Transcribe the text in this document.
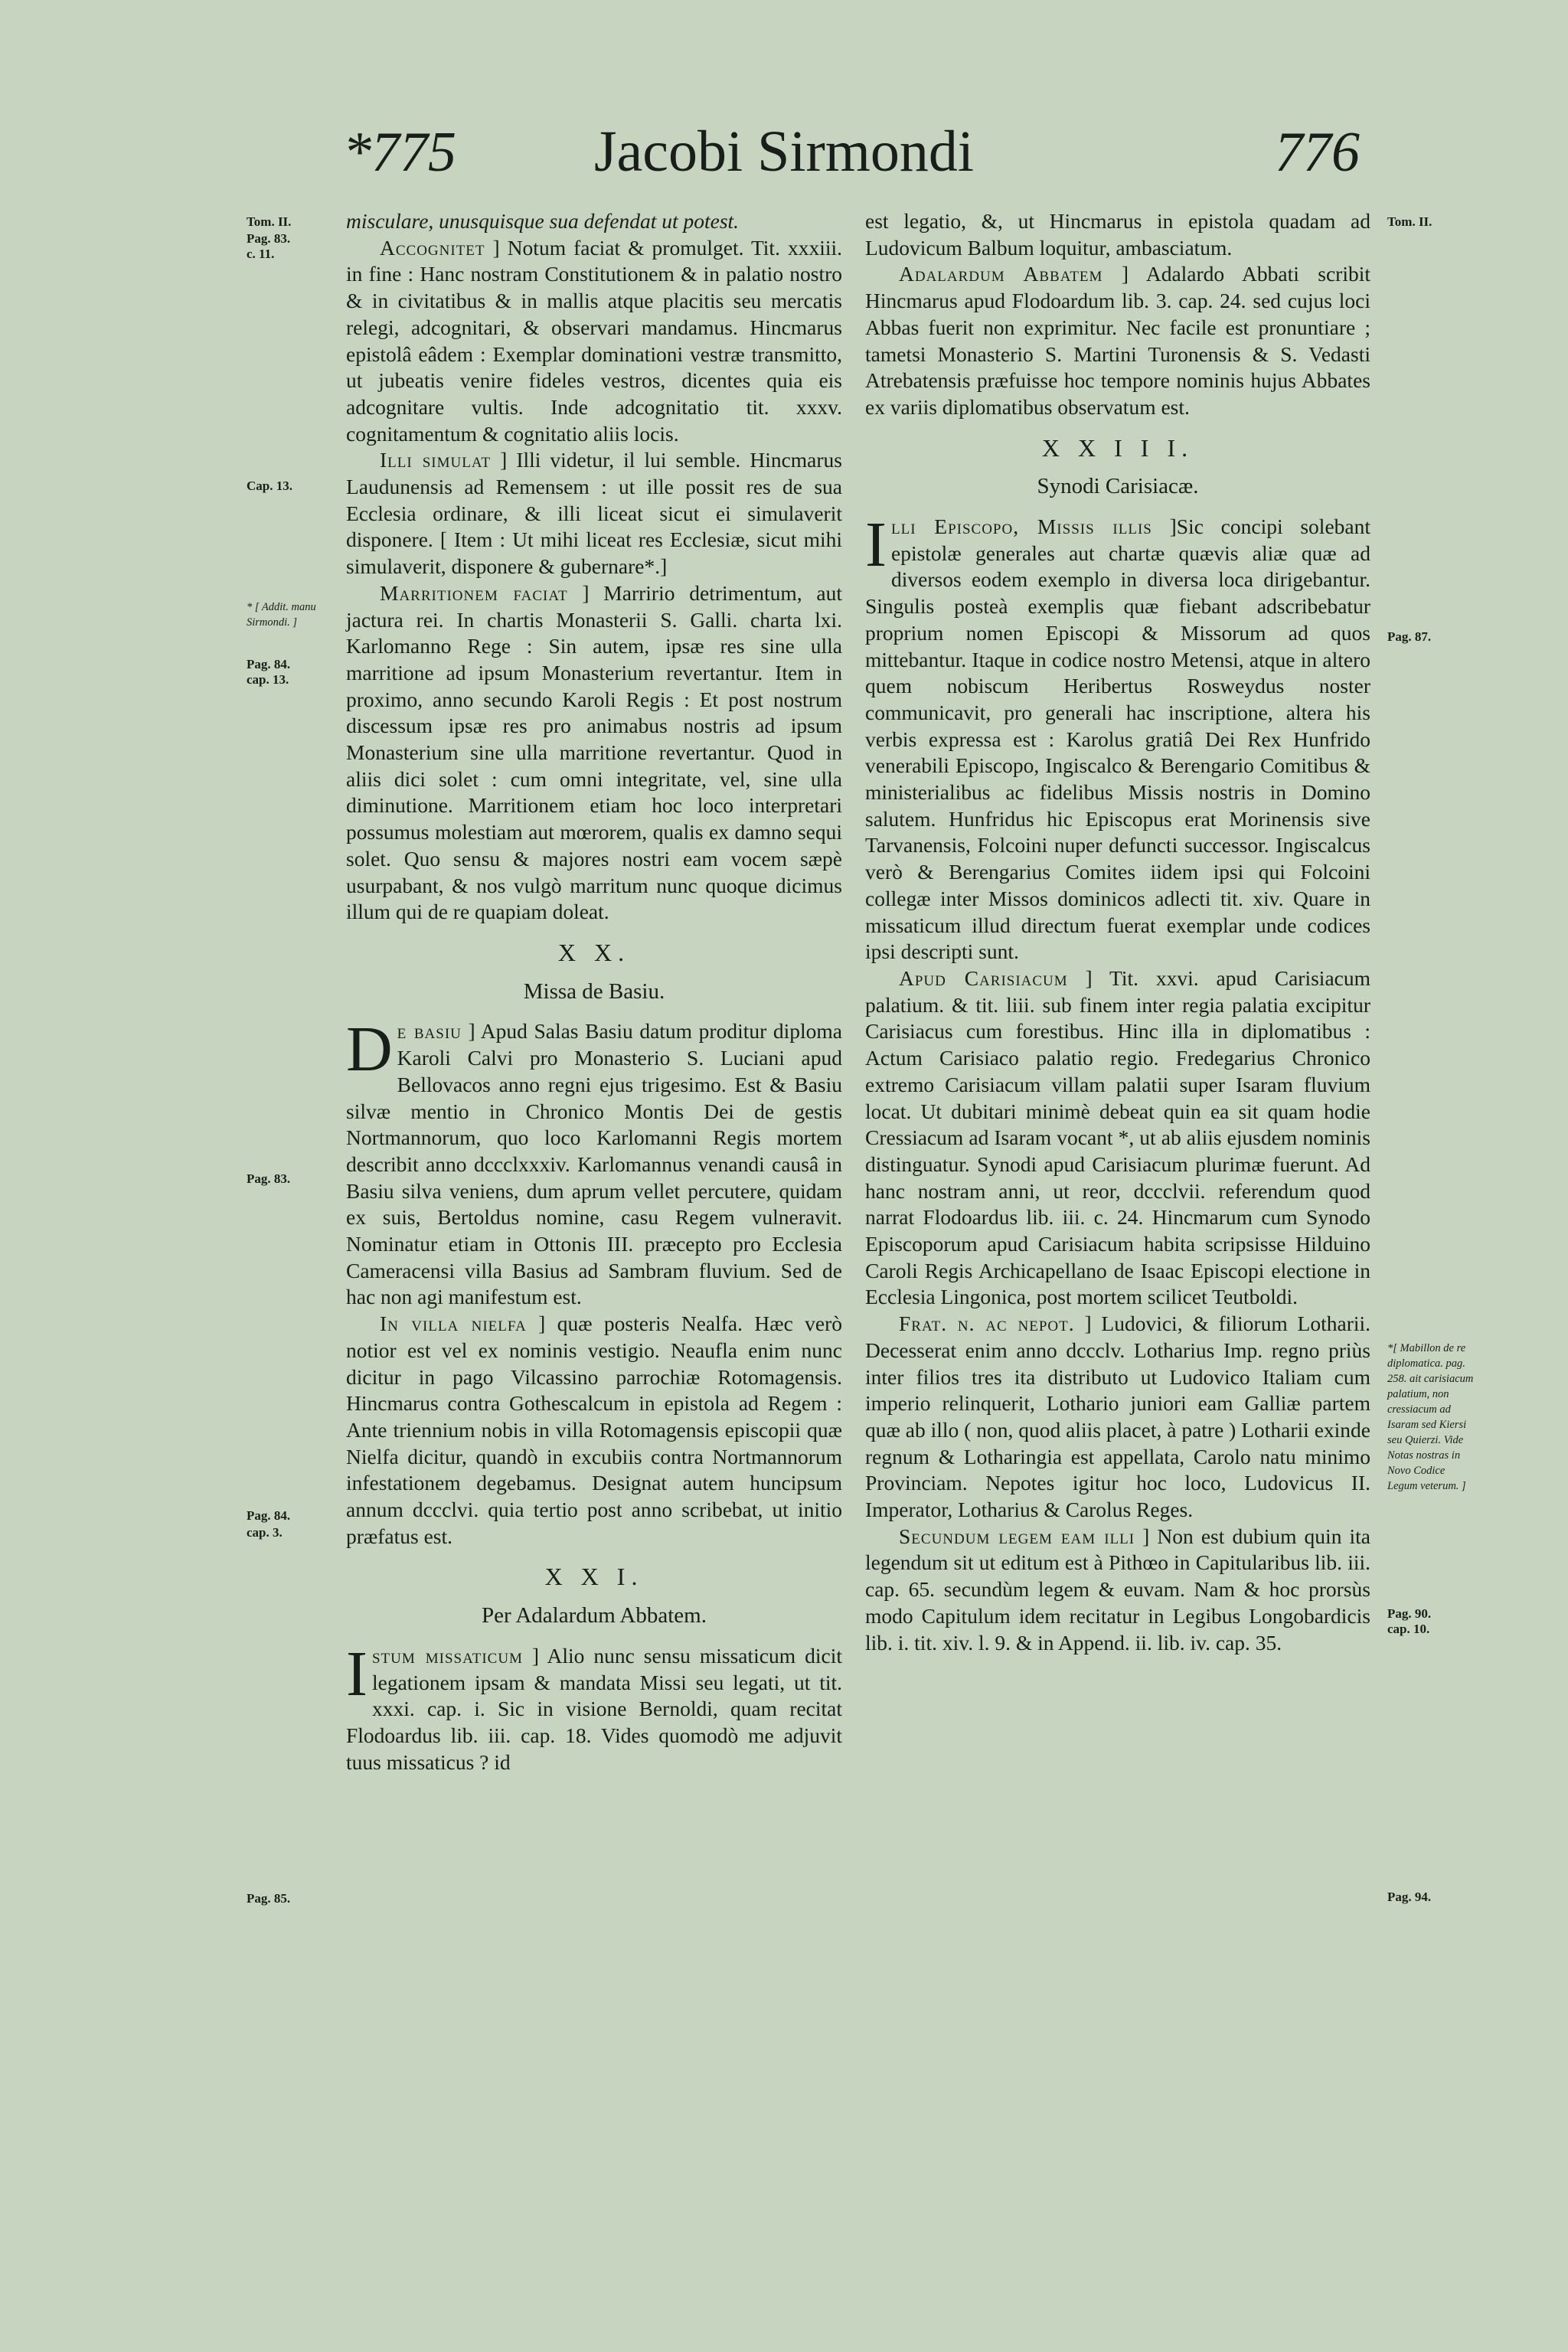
*775	Jacobi Sirmondi	776
Tom. II.
Pag. 83.
c. 11.
Cap. 13.
* [ Addit. manu Sirmondi. ]
Pag. 84.
cap. 13.
Pag. 83.
Pag. 84.
cap. 3.
Pag. 85.
Tom. II.
Pag. 87.
*[ Mabillon de re diplomatica. pag. 258. ait carisiacum palatium, non cressiacum ad Isaram sed Kiersi seu Quierzi. Vide Notas nostras in Novo Codice Legum veterum. ]
Pag. 90.
cap. 10.
Pag. 94.

misculare, unusquisque sua defendat ut potest.

Accognitet ] Notum faciat & promulget. Tit. xxxiii. in fine : Hanc nostram Constitutionem & in palatio nostro & in civitatibus & in mallis atque placitis seu mercatis relegi, adcognitari, & observari mandamus. Hincmarus epistolâ eâdem : Exemplar dominationi vestræ transmitto, ut jubeatis venire fideles vestros, dicentes quia eis adcognitare vultis. Inde adcognitatio tit. xxxv. cognitamentum & cognitatio aliis locis.

Illi simulat ] Illi videtur, il lui semble. Hincmarus Laudunensis ad Remensem : ut ille possit res de sua Ecclesia ordinare, & illi liceat sicut ei simulaverit disponere. [ Item : Ut mihi liceat res Ecclesiæ, sicut mihi simulaverit, disponere & gubernare*.]

Marritionem faciat ] Marririo detrimentum, aut jactura rei. In chartis Monasterii S. Galli. charta lxi. Karlomanno Rege : Sin autem, ipsæ res sine ulla marritione ad ipsum Monasterium revertantur. Item in proximo, anno secundo Karoli Regis : Et post nostrum discessum ipsæ res pro animabus nostris ad ipsum Monasterium sine ulla marritione revertantur. Quod in aliis dici solet : cum omni integritate, vel, sine ulla diminutione. Marritionem etiam hoc loco interpretari possumus molestiam aut mœrorem, qualis ex damno sequi solet. Quo sensu & majores nostri eam vocem sæpè usurpabant, & nos vulgò marritum nunc quoque dicimus illum qui de re quapiam doleat.

X X.
Missa de Basiu.

De basiu ] Apud Salas Basiu datum proditur diploma Karoli Calvi pro Monasterio S. Luciani apud Bellovacos anno regni ejus trigesimo. Est & Basiu silvæ mentio in Chronico Montis Dei de gestis Nortmannorum, quo loco Karlomanni Regis mortem describit anno dccclxxxiv. Karlomannus venandi causâ in Basiu silva veniens, dum aprum vellet percutere, quidam ex suis, Bertoldus nomine, casu Regem vulneravit. Nominatur etiam in Ottonis III. præcepto pro Ecclesia Cameracensi villa Basius ad Sambram fluvium. Sed de hac non agi manifestum est.

In villa nielfa ] quæ posteris Nealfa. Hæc verò notior est vel ex nominis vestigio. Neaufla enim nunc dicitur in pago Vilcassino parrochiæ Rotomagensis. Hincmarus contra Gothescalcum in epistola ad Regem : Ante triennium nobis in villa Rotomagensis episcopii quæ Nielfa dicitur, quandò in excubiis contra Nortmannorum infestationem degebamus. Designat autem huncipsum annum dccclvi. quia tertio post anno scribebat, ut initio præfatus est.

X X I.
Per Adalardum Abbatem.

Istum missaticum ] Alio nunc sensu missaticum dicit legationem ipsam & mandata Missi seu legati, ut tit. xxxi. cap. i. Sic in visione Bernoldi, quam recitat Flodoardus lib. iii. cap. 18. Vides quomodò me adjuvit tuus missaticus ? id

est legatio, &, ut Hincmarus in epistola quadam ad Ludovicum Balbum loquitur, ambasciatum.

Adalardum Abbatem ] Adalardo Abbati scribit Hincmarus apud Flodoardum lib. 3. cap. 24. sed cujus loci Abbas fuerit non exprimitur. Nec facile est pronuntiare ; tametsi Monasterio S. Martini Turonensis & S. Vedasti Atrebatensis præfuisse hoc tempore nominis hujus Abbates ex variis diplomatibus observatum est.

X X I I I.
Synodi Carisiacæ.

Illi Episcopo, Missis illis ]Sic concipi solebant epistolæ generales aut chartæ quævis aliæ quæ ad diversos eodem exemplo in diversa loca dirigebantur. Singulis posteà exemplis quæ fiebant adscribebatur proprium nomen Episcopi & Missorum ad quos mittebantur. Itaque in codice nostro Metensi, atque in altero quem nobiscum Heribertus Rosweydus noster communicavit, pro generali hac inscriptione, altera his verbis expressa est : Karolus gratiâ Dei Rex Hunfrido venerabili Episcopo, Ingiscalco & Berengario Comitibus & ministerialibus ac fidelibus Missis nostris in Domino salutem. Hunfridus hic Episcopus erat Morinensis sive Tarvanensis, Folcoini nuper defuncti successor. Ingiscalcus verò & Berengarius Comites iidem ipsi qui Folcoini collegæ inter Missos dominicos adlecti tit. xiv. Quare in missaticum illud directum fuerat exemplar unde codices ipsi descripti sunt.

Apud Carisiacum ] Tit. xxvi. apud Carisiacum palatium. & tit. liii. sub finem inter regia palatia excipitur Carisiacus cum forestibus. Hinc illa in diplomatibus : Actum Carisiaco palatio regio. Fredegarius Chronico extremo Carisiacum villam palatii super Isaram fluvium locat. Ut dubitari minimè debeat quin ea sit quam hodie Cressiacum ad Isaram vocant *, ut ab aliis ejusdem nominis distinguatur. Synodi apud Carisiacum plurimæ fuerunt. Ad hanc nostram anni, ut reor, dccclvii. referendum quod narrat Flodoardus lib. iii. c. 24. Hincmarum cum Synodo Episcoporum apud Carisiacum habita scripsisse Hilduino Caroli Regis Archicapellano de Isaac Episcopi electione in Ecclesia Lingonica, post mortem scilicet Teutboldi.

Frat. n. ac nepot. ] Ludovici, & filiorum Lotharii. Decesserat enim anno dccclv. Lotharius Imp. regno priùs inter filios tres ita distributo ut Ludovico Italiam cum imperio relinquerit, Lothario juniori eam Galliæ partem quæ ab illo ( non, quod aliis placet, à patre ) Lotharii exinde regnum & Lotharingia est appellata, Carolo natu minimo Provinciam. Nepotes igitur hoc loco, Ludovicus II. Imperator, Lotharius & Carolus Reges.

Secundum legem eam illi ] Non est dubium quin ita legendum sit ut editum est à Pithœo in Capitularibus lib. iii. cap. 65. secundùm legem & euvam. Nam & hoc prorsùs modo Capitulum idem recitatur in Legibus Longobardicis lib. i. tit. xiv. l. 9. & in Append. ii. lib. iv. cap. 35.
